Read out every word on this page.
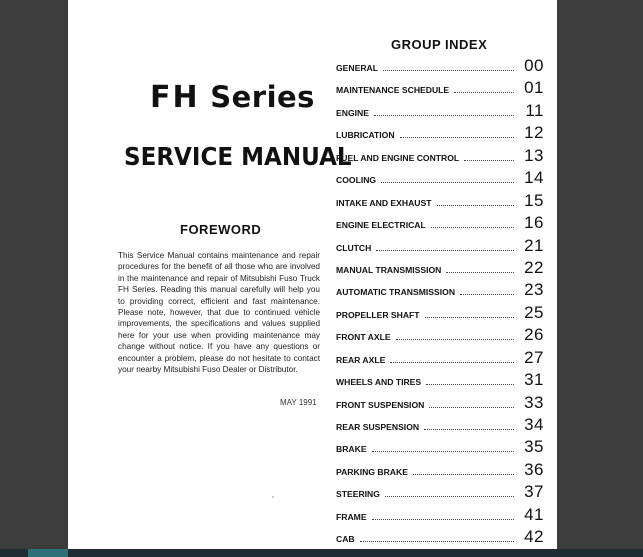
FH Series
SERVICE MANUAL
FOREWORD

This Service Manual contains maintenance and repair procedures for the benefit of all those who are involved in the maintenance and repair of Mitsubishi Fuso Truck FH Series. Reading this manual carefully will help you to providing correct, efficient and fast maintenance. Please note, however, that due to continued vehicle improvements, the specifications and values supplied here for your use when providing maintenance may change without notice. If you have any questions or encounter a problem, please do not hesitate to contact your nearby Mitsubishi Fuso Dealer or Distributor.

MAY 1991

GROUP INDEX
GENERAL	00
MAINTENANCE SCHEDULE	01
ENGINE	11
LUBRICATION	12
FUEL AND ENGINE CONTROL	13
COOLING	14
INTAKE AND EXHAUST	15
ENGINE ELECTRICAL	16
CLUTCH	21
MANUAL TRANSMISSION	22
AUTOMATIC TRANSMISSION	23
PROPELLER SHAFT	25
FRONT AXLE	26
REAR AXLE	27
WHEELS AND TIRES	31
FRONT SUSPENSION	33
REAR SUSPENSION	34
BRAKE	35
PARKING BRAKE	36
STEERING	37
FRAME	41
CAB	42
